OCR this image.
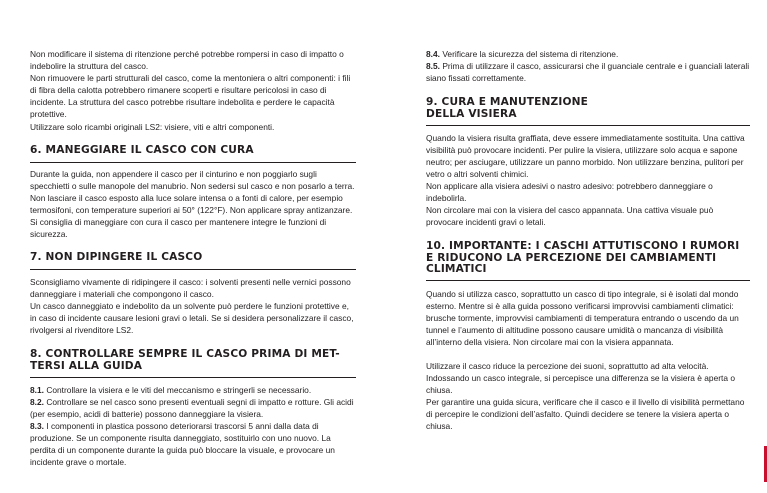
Non modificare il sistema di ritenzione perché potrebbe rompersi in caso di impatto o indebolire la struttura del casco.

Non rimuovere le parti strutturali del casco, come la mentoniera o altri componenti: i fili di fibra della calotta potrebbero rimanere scoperti e risultare pericolosi in caso di incidente. La struttura del casco potrebbe risultare indebolita e perdere le capacità protettive.

Utilizzare solo ricambi originali LS2: visiere, viti e altri componenti.

6. MANEGGIARE IL CASCO CON CURA

Durante la guida, non appendere il casco per il cinturino e non poggiarlo sugli specchietti o sulle manopole del manubrio. Non sedersi sul casco e non posarlo a terra. Non lasciare il casco esposto alla luce solare intensa o a fonti di calore, per esempio termosifoni, con temperature superiori ai 50° (122°F). Non applicare spray antizanzare. Si consiglia di maneggiare con cura il casco per mantenere integre le funzioni di sicurezza.

7. NON DIPINGERE IL CASCO

Sconsigliamo vivamente di ridipingere il casco: i solventi presenti nelle vernici possono danneggiare i materiali che compongono il casco.

Un casco danneggiato e indebolito da un solvente può perdere le funzioni protettive e, in caso di incidente causare lesioni gravi o letali. Se si desidera personalizzare il casco, rivolgersi al rivenditore LS2.

8. CONTROLLARE SEMPRE IL CASCO PRIMA DI MET-
TERSI ALLA GUIDA

8.1. Controllare la visiera e le viti del meccanismo e stringerli se necessario.

8.2. Controllare se nel casco sono presenti eventuali segni di impatto e rotture. Gli acidi (per esempio, acidi di batterie) possono danneggiare la visiera.

8.3. I componenti in plastica possono deteriorarsi trascorsi 5 anni dalla data di produzione. Se un componente risulta danneggiato, sostituirlo con uno nuovo. La perdita di un componente durante la guida può bloccare la visuale, e provocare un incidente grave o mortale.

8.4. Verificare la sicurezza del sistema di ritenzione.

8.5. Prima di utilizzare il casco, assicurarsi che il guanciale centrale e i guanciali laterali siano fissati correttamente.

9. CURA E MANUTENZIONE
DELLA VISIERA

Quando la visiera risulta graffiata, deve essere immediatamente sostituita. Una cattiva visibilità può provocare incidenti. Per pulire la visiera, utilizzare solo acqua e sapone neutro; per asciugare, utilizzare un panno morbido. Non utilizzare benzina, pulitori per vetro o altri solventi chimici.

Non applicare alla visiera adesivi o nastro adesivo: potrebbero danneggiare o indebolirla.

Non circolare mai con la visiera del casco appannata. Una cattiva visuale può provocare incidenti gravi o letali.

10. IMPORTANTE: I CASCHI ATTUTISCONO I RUMORI
E RIDUCONO LA PERCEZIONE DEI CAMBIAMENTI
CLIMATICI

Quando si utilizza casco, soprattutto un casco di tipo integrale, si è isolati dal mondo esterno. Mentre si è alla guida possono verificarsi improvvisi cambiamenti climatici: brusche tormente, improvvisi cambiamenti di temperatura entrando o uscendo da un tunnel e l’aumento di altitudine possono causare umidità o mancanza di visibilità all’interno della visiera. Non circolare mai con la visiera appannata.

Utilizzare il casco riduce la percezione dei suoni, soprattutto ad alta velocità. Indossando un casco integrale, si percepisce una differenza se la visiera è aperta o chiusa.

Per garantire una guida sicura, verificare che il casco e il livello di visibilità permettano di percepire le condizioni dell’asfalto. Quindi decidere se tenere la visiera aperta o chiusa.
